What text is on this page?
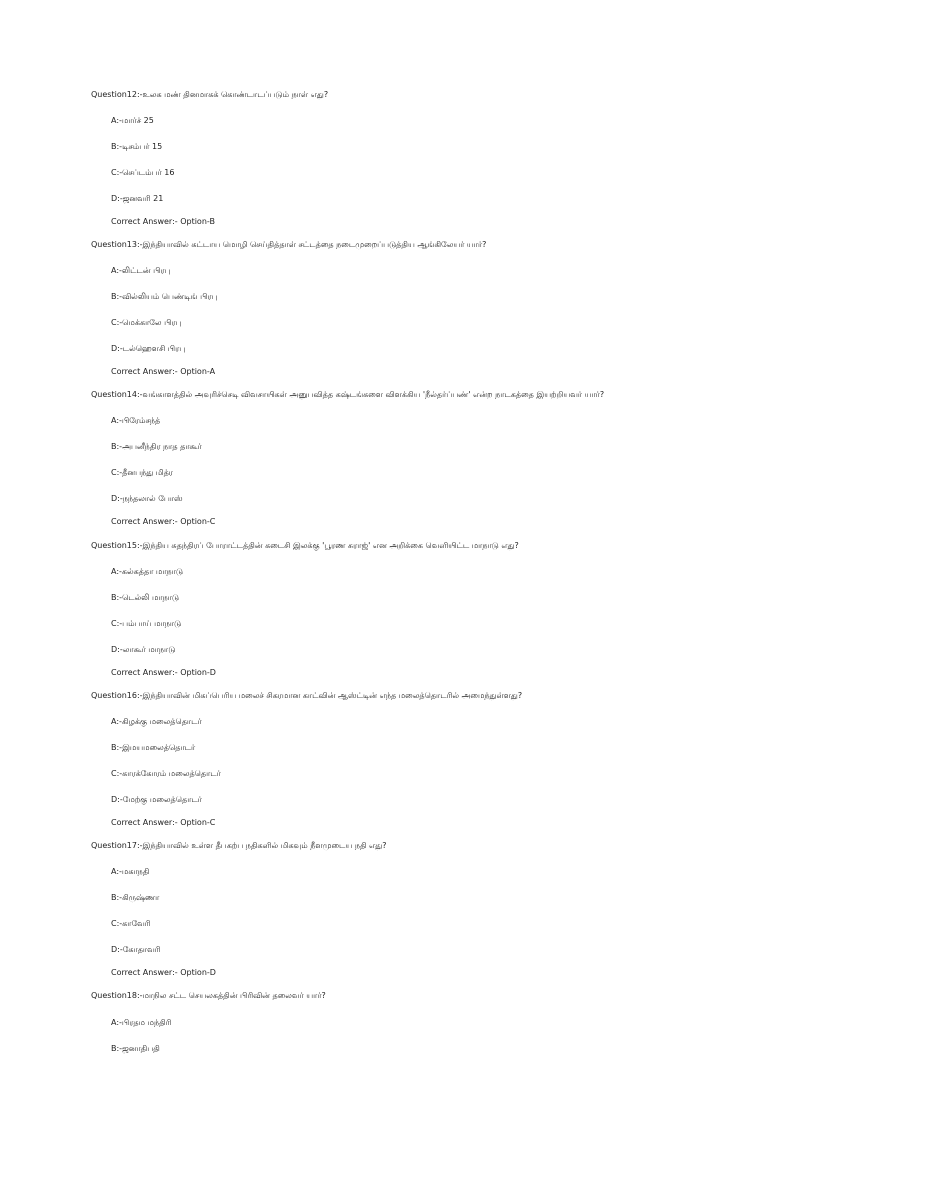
Question12:-உலக மண் தினமாகக் கொண்டாடப்படும் நாள் எது?
A:-மார்ச் 25
B:-டிசம்பர் 15
C:-செப்டம்பர் 16
D:-ஜனவரி 21
Correct Answer:- Option-B
Question13:-இந்தியாவில் கட்டாய மொழி செய்தித்தாள் சட்டத்தை நடைமுறைப்படுத்திய ஆங்கிலேயர் யார்?
A:-லிட்டன் பிரபு
B:-வில்லியம் பெண்டிங் பிரபு
C:-மெக்காலே பிரபு
D:-டல்ஹௌசி பிரபு
Correct Answer:- Option-A
Question14:-வங்காளத்தில் அவுரிச்செடி விவசாயிகள் அனுபவித்த கஷ்டங்களை விளக்கிய 'நீல்தர்ப்பண்' என்ற நாடகத்தை இயற்றியவர் யார்?
A:-பிரேம்சந்த்
B:-அபனீந்திர நாத தாகூர்
C:-தீனபந்து மித்ர
D:-நந்தலால் போஸ்
Correct Answer:- Option-C
Question15:-இந்திய சுதந்திரப் போராட்டத்தின் கடைசி இலக்கு 'பூரண சுராஜ்' என அறிக்கை வெளியிட்ட மாநாடு எது?
A:-கல்கத்தா மாநாடு
B:-டெல்லி மாநாடு
C:-பம்பாய் மாநாடு
D:-லாகூர் மாநாடு
Correct Answer:- Option-D
Question16:-இந்தியாவின் மிகப்பெரிய மலைச் சிகரமான காட்வின் ஆஸ்ட்டின் எந்த மலைத்தொடரில் அமைந்துள்ளது?
A:-கிழக்கு மலைத்தொடர்
B:-இமயமலைத்தொடர்
C:-காரக்கோரம் மலைத்தொடர்
D:-மேற்கு மலைத்தொடர்
Correct Answer:- Option-C
Question17:-இந்தியாவில் உள்ள தீபகற்ப நதிகளில் மிகவும் நீளமுடைய நதி எது?
A:-மகாநதி
B:-கிருஷ்ணா
C:-காவேரி
D:-கோதாவரி
Correct Answer:- Option-D
Question18:-மாநில சட்ட செயலகத்தின் பிரிவின் தலைவர் யார்?
A:-பிரதம மந்திரி
B:-ஜனாதிபதி
